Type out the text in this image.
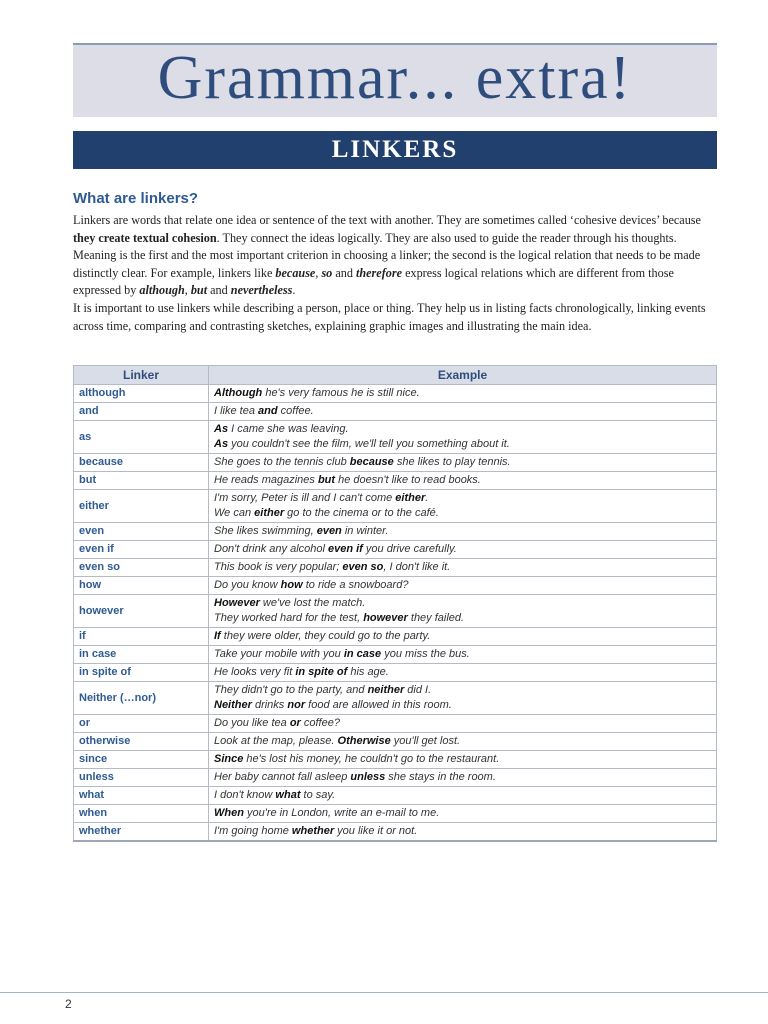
Grammar... extra!
LINKERS
What are linkers?

Linkers are words that relate one idea or sentence of the text with another. They are sometimes called ‘cohesive devices’ because they create textual cohesion. They connect the ideas logically. They are also used to guide the reader through his thoughts. Meaning is the first and the most important criterion in choosing a linker; the second is the logical relation that needs to be made distinctly clear. For example, linkers like because, so and therefore express logical relations which are different from those expressed by although, but and nevertheless.

It is important to use linkers while describing a person, place or thing. They help us in listing facts chronologically, linking events across time, comparing and contrasting sketches, explaining graphic images and illustrating the main idea.

Linker	Example
although	Although he's very famous he is still nice.
and	I like tea and coffee.
as	As I came she was leaving.
As you couldn't see the film, we'll tell you something about it.
because	She goes to the tennis club because she likes to play tennis.
but	He reads magazines but he doesn't like to read books.
either	I'm sorry, Peter is ill and I can't come either.
We can either go to the cinema or to the café.
even	She likes swimming, even in winter.
even if	Don't drink any alcohol even if you drive carefully.
even so	This book is very popular; even so, I don't like it.
how	Do you know how to ride a snowboard?
however	However we've lost the match.
They worked hard for the test, however they failed.
if	If they were older, they could go to the party.
in case	Take your mobile with you in case you miss the bus.
in spite of	He looks very fit in spite of his age.
Neither (…nor)	They didn't go to the party, and neither did I.
Neither drinks nor food are allowed in this room.
or	Do you like tea or coffee?
otherwise	Look at the map, please. Otherwise you'll get lost.
since	Since he's lost his money, he couldn't go to the restaurant.
unless	Her baby cannot fall asleep unless she stays in the room.
what	I don't know what to say.
when	When you're in London, write an e-mail to me.
whether	I'm going home whether you like it or not.
2
